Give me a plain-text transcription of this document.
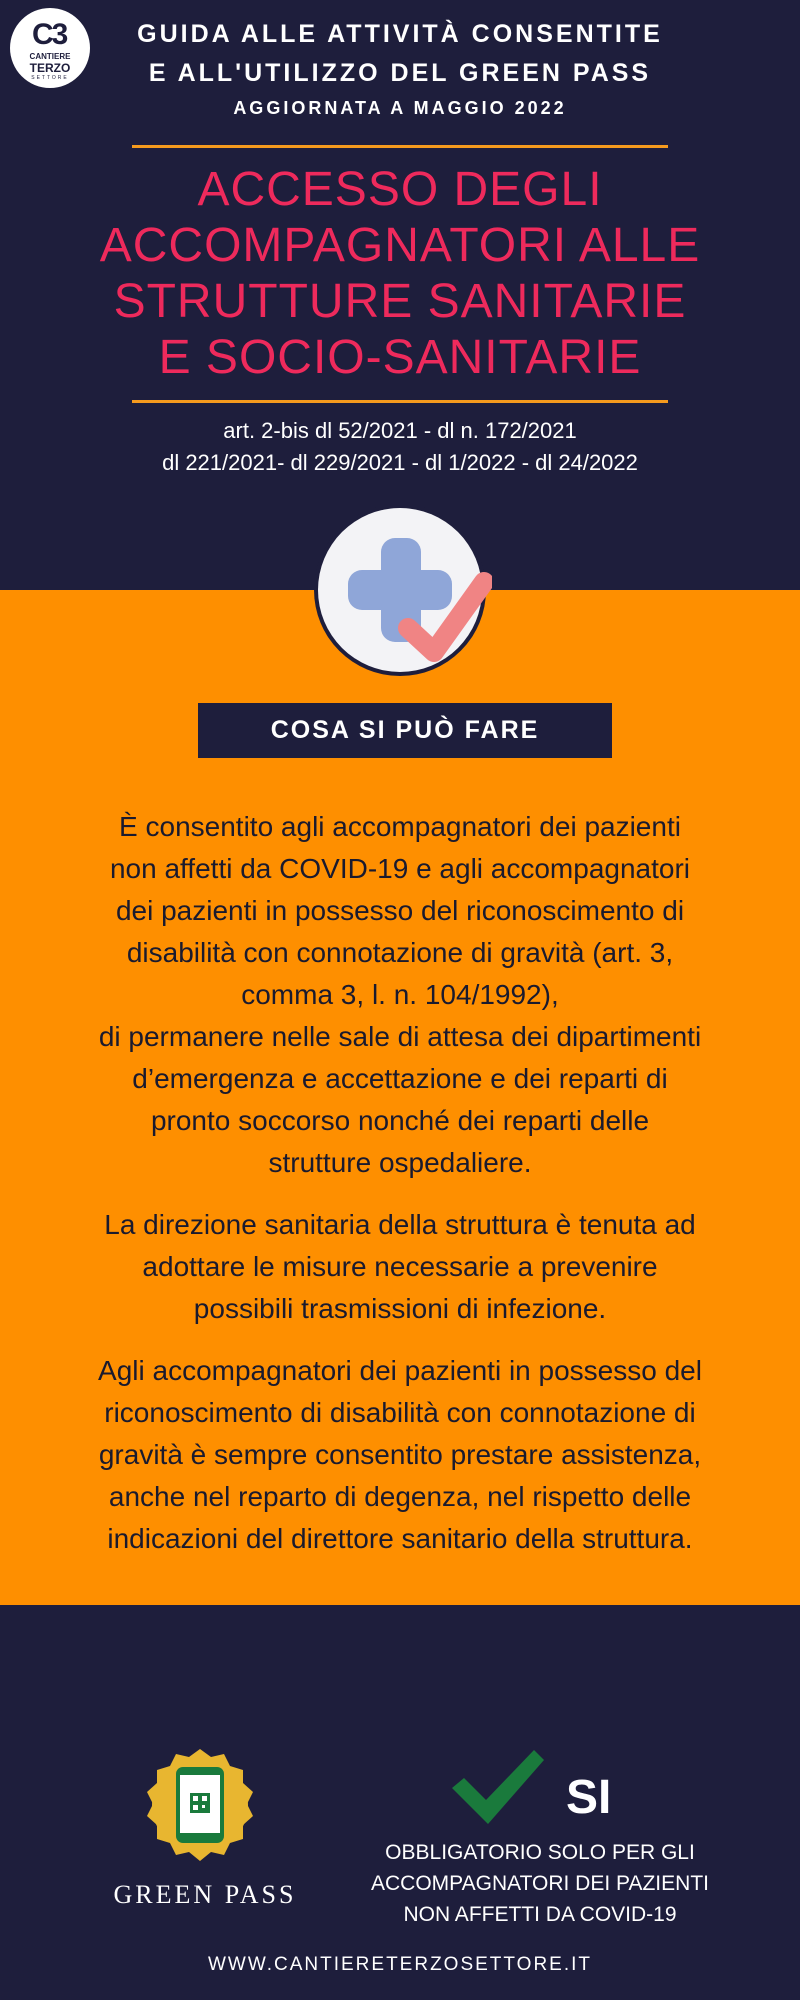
C3
CANTIERE
TERZO
SETTORE
GUIDA ALLE ATTIVITÀ CONSENTITE
E ALL'UTILIZZO DEL GREEN PASS
AGGIORNATA A MAGGIO 2022
ACCESSO DEGLI
ACCOMPAGNATORI ALLE
STRUTTURE SANITARIE
E SOCIO-SANITARIE
art. 2-bis dl 52/2021 - dl n. 172/2021
dl 221/2021- dl 229/2021 - dl 1/2022 - dl 24/2022
COSA SI PUÒ FARE
È consentito agli accompagnatori dei pazienti
non affetti da COVID-19 e agli accompagnatori
dei pazienti in possesso del riconoscimento di
disabilità con connotazione di gravità (art. 3,
comma 3, l. n. 104/1992),
di permanere nelle sale di attesa dei dipartimenti
d’emergenza e accettazione e dei reparti di
pronto soccorso nonché dei reparti delle
strutture ospedaliere.
La direzione sanitaria della struttura è tenuta ad
adottare le misure necessarie a prevenire
possibili trasmissioni di infezione.
Agli accompagnatori dei pazienti in possesso del
riconoscimento di disabilità con connotazione di
gravità è sempre consentito prestare assistenza,
anche nel reparto di degenza, nel rispetto delle
indicazioni del direttore sanitario della struttura.
GREEN PASS
SI
OBBLIGATORIO SOLO PER GLI
ACCOMPAGNATORI DEI PAZIENTI
NON AFFETTI DA COVID-19
WWW.CANTIERETERZOSETTORE.IT
